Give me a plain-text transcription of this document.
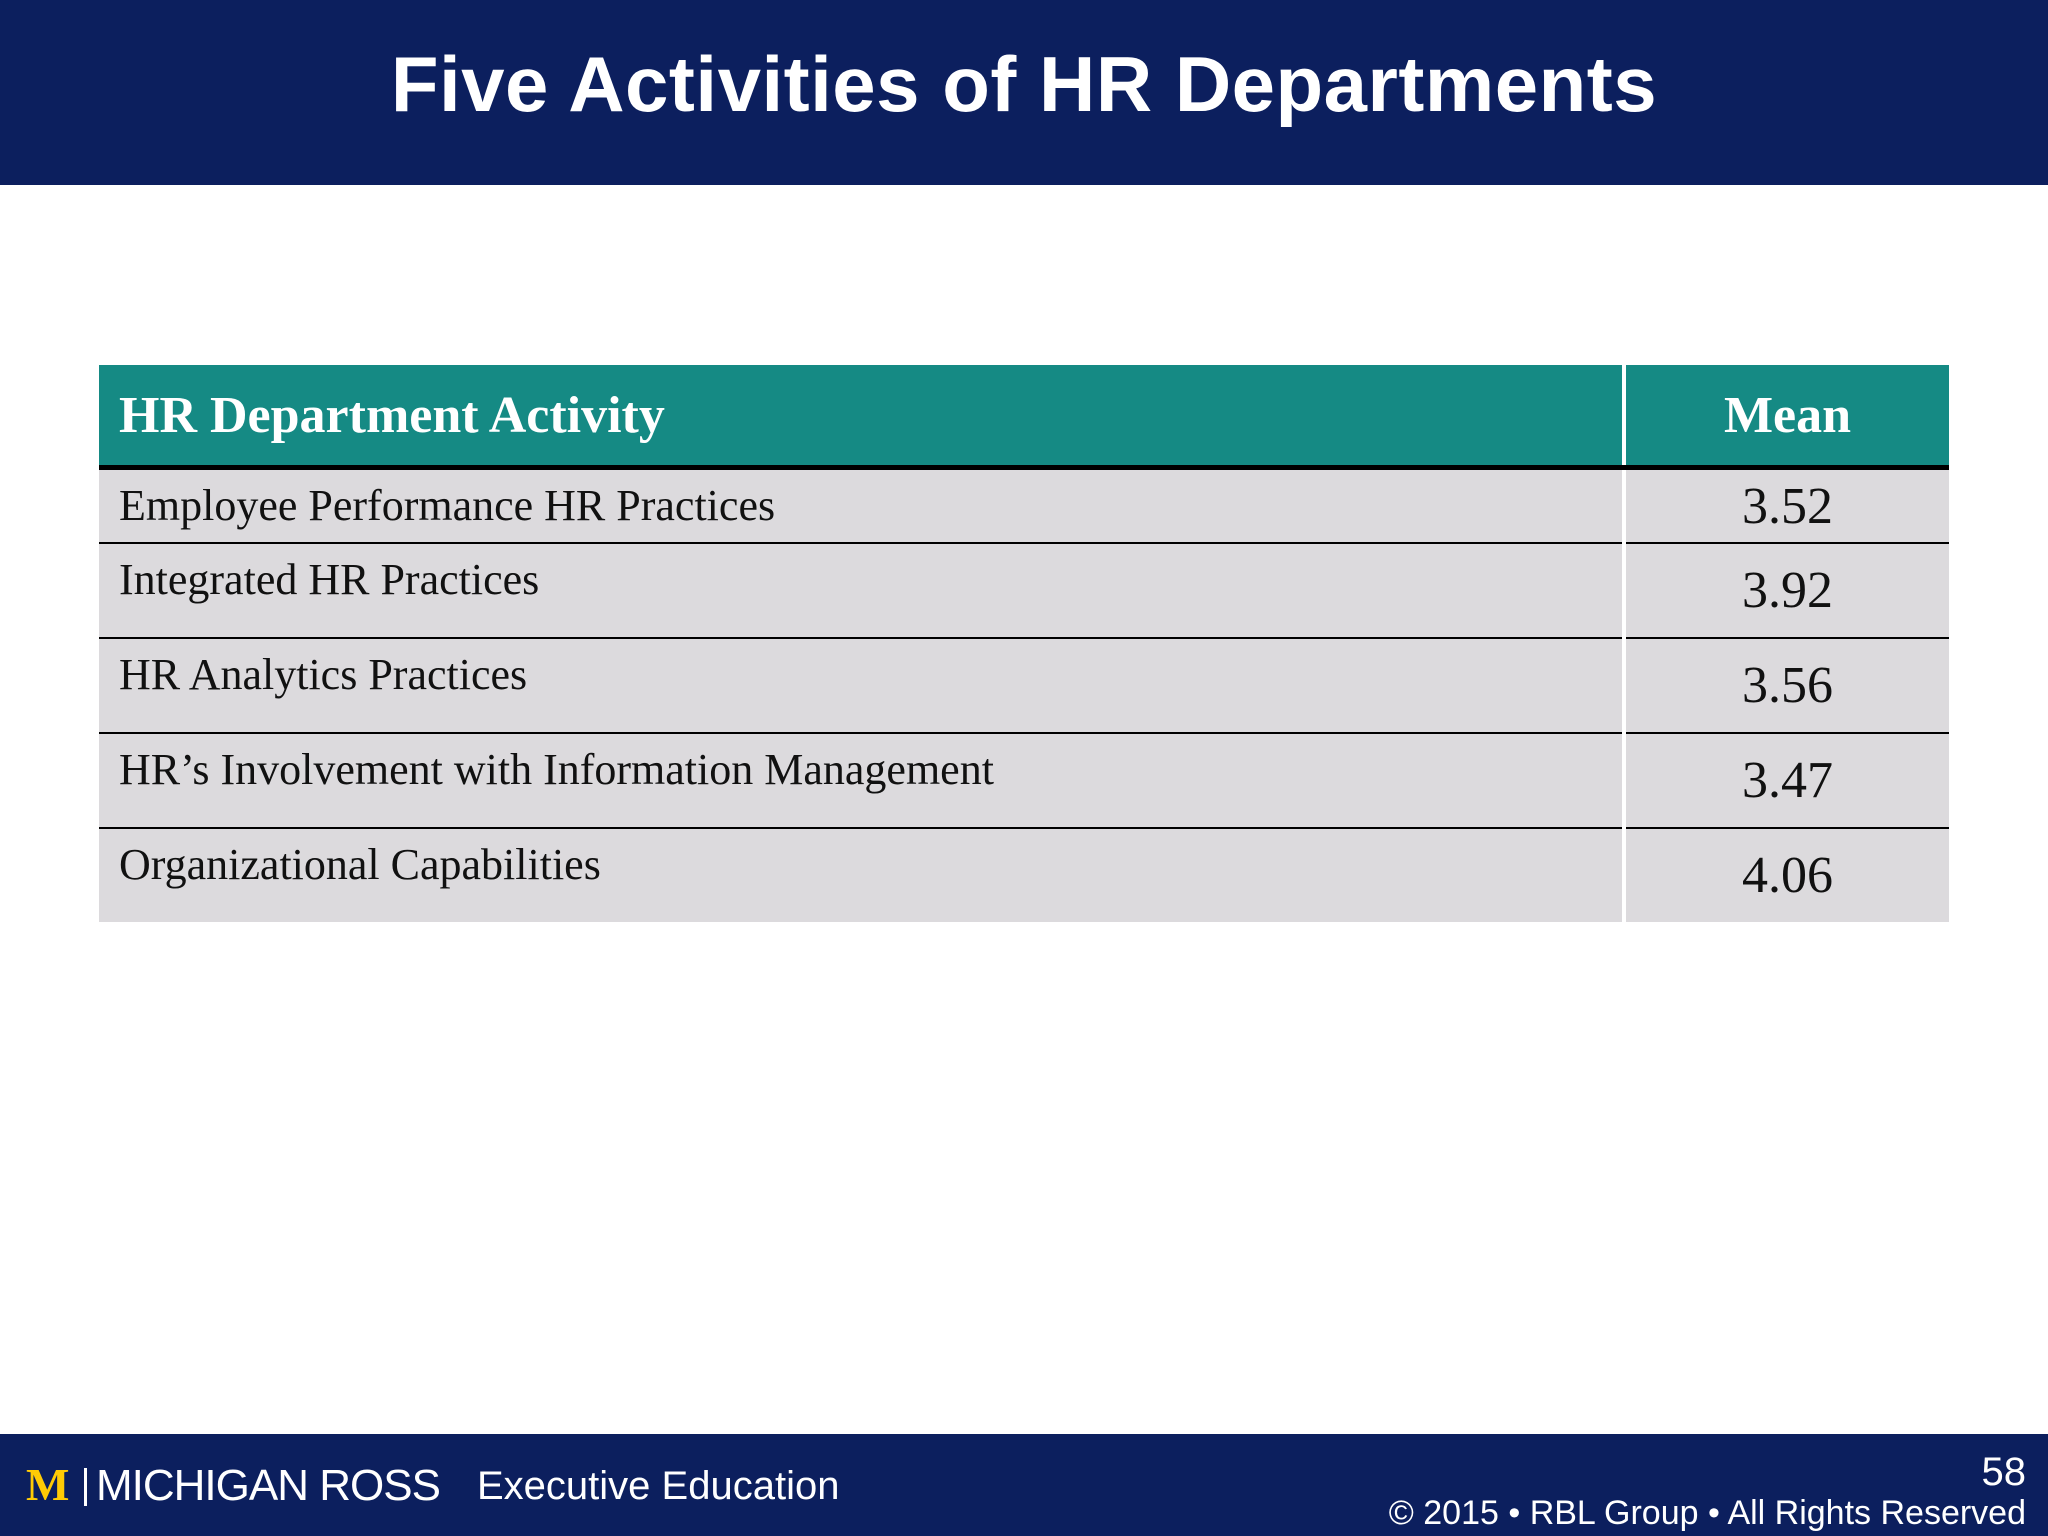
Five Activities of HR Departments
HR Department Activity	Mean
Employee Performance HR Practices	3.52
Integrated HR Practices	3.92
HR Analytics Practices	3.56
HR’s Involvement with Information Management	3.47
Organizational Capabilities	4.06
M MICHIGAN ROSS Executive Education	58
© 2015 • RBL Group • All Rights Reserved
